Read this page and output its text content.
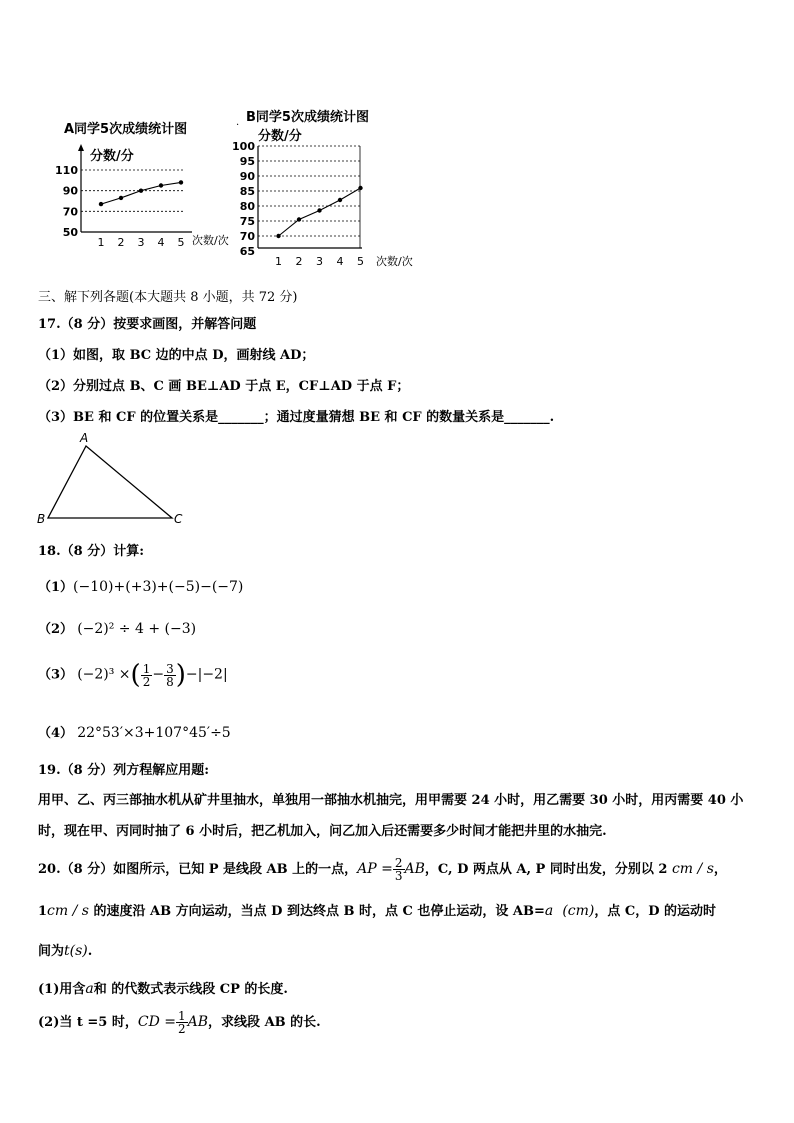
A同学5次成绩统计图
分数/分
110
90
70
50
1 2 3 4 5 次数/次
. B同学5次成绩统计图
分数/分
100
95
90
85
80
75
70
65
1 2 3 4 5 次数/次
三、解下列各题(本大题共 8 小题，共 72 分)
17.（8 分）按要求画图，并解答问题
（1）如图，取 BC 边的中点 D，画射线 AD；
（2）分别过点 B、C 画 BE⊥AD 于点 E，CF⊥AD 于点 F；
（3）BE 和 CF 的位置关系是_______；通过度量猜想 BE 和 CF 的数量关系是_______.
A
B	C
18.（8 分）计算:
（1）(−10)+(+3)+(−5)−(−7)
（2） (−2)² ÷ 4 + (−3)
（3） (−2)³ ×( $\frac{1}{2} - \frac{3}{8} )-|-2|$
（4） 22°53′×3+107°45′÷5
19.（8 分）列方程解应用题:
用甲、乙、丙三部抽水机从矿井里抽水，单独用一部抽水机抽完，用甲需要 24 小时，用乙需要 30 小时，用丙需要 40 小时，现在甲、丙同时抽了 6 小时后，把乙机加入，问乙加入后还需要多少时间才能把井里的水抽完.
20.（8 分）如图所示，已知 P 是线段 AB 上的一点，AP = $\frac{2}{3}$ AB，C, D 两点从 A, P 同时出发，分别以 2 cm / s，
1cm / s 的速度沿 AB 方向运动，当点 D 到达终点 B 时，点 C 也停止运动，设 AB=a (cm)，点 C，D 的运动时
间为t(s).
(1)用含a和 的代数式表示线段 CP 的长度.
(2)当 t =5 时，CD = $\frac{1}{2}$ AB，求线段 AB 的长.
